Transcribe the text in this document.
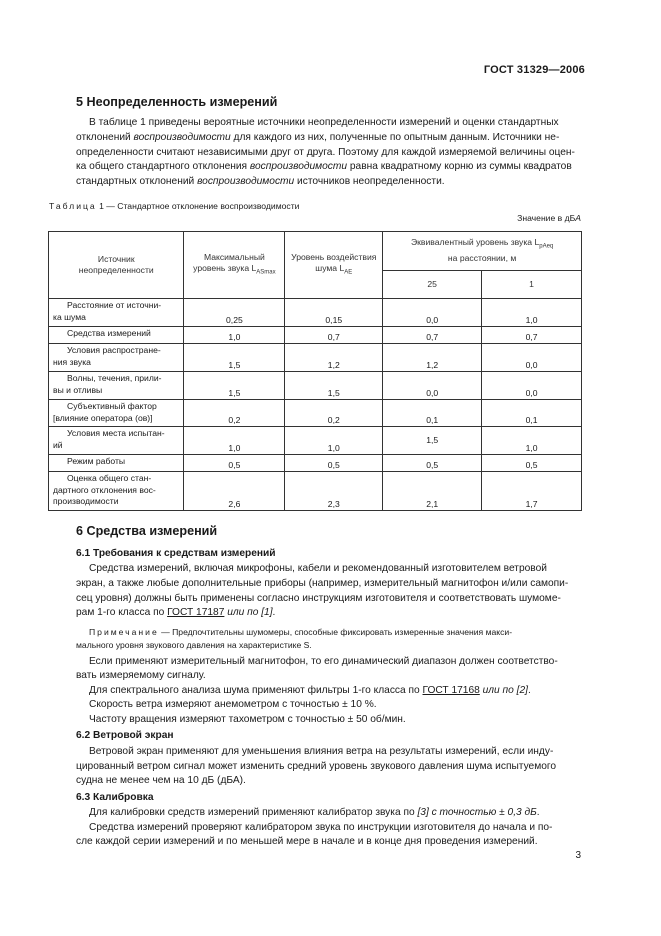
ГОСТ 31329—2006
5 Неопределенность измерений
В таблице 1 приведены вероятные источники неопределенности измерений и оценки стандартных
отклонений воспроизводимости для каждого из них, полученные по опытным данным. Источники не-
определенности считают независимыми друг от друга. Поэтому для каждой измеряемой величины оцен-
ка общего стандартного отклонения воспроизводимости равна квадратному корню из суммы квадратов
стандартных отклонений воспроизводимости источников неопределенности.
Таблица 1 — Стандартное отклонение воспроизводимости
Значение в дБА
Источник неопределенности	Максимальный уровень звука $L_{ASmax}$	Уровень воздействия шума $L_{AE}$	Эквивалентный уровень звука $L_{pAeq}$
на расстоянии, м	

			25	1
Расстояние от источни-
ка шума	0,25	0,15	0,0	1,0
Средства измерений	1,0	0,7	0,7	0,7
Условия распростране-
ния звука	1,5	1,2	1,2	0,0
Волны, течения, прили-
вы и отливы	1,5	1,5	0,0	0,0
Субъективный фактор
[влияние оператора (ов)]	0,2	0,2	0,1	0,1
Условия места испытан-
ий	1,0	1,0	1,5	1,0
Режим работы	0,5	0,5	0,5	0,5
Оценка общего стан-
дартного отклонения вос-
производимости	2,6	2,3	2,1	1,7
6 Средства измерений
6.1 Требования к средствам измерений
Средства измерений, включая микрофоны, кабели и рекомендованный изготовителем ветровой
экран, а также любые дополнительные приборы (например, измерительный магнитофон и/или самопи-
сец уровня) должны быть применены согласно инструкциям изготовителя и соответствовать шумоме-
рам 1-го класса по ГОСТ 17187 или по [1].
Примечание — Предпочтительны шумомеры, способные фиксировать измеренные значения макси-
мального уровня звукового давления на характеристике S.
Если применяют измерительный магнитофон, то его динамический диапазон должен соответство-
вать измеряемому сигналу.
Для спектрального анализа шума применяют фильтры 1-го класса по ГОСТ 17168 или по [2].
Скорость ветра измеряют анемометром с точностью ± 10 %.
Частоту вращения измеряют тахометром с точностью ± 50 об/мин.
6.2 Ветровой экран
Ветровой экран применяют для уменьшения влияния ветра на результаты измерений, если инду-
цированный ветром сигнал может изменить средний уровень звукового давления шума испытуемого
судна не менее чем на 10 дБ (дБА).
6.3 Калибровка
Для калибровки средств измерений применяют калибратор звука по [3] с точностью ± 0,3 дБ.
Средства измерений проверяют калибратором звука по инструкции изготовителя до начала и по-
сле каждой серии измерений и по меньшей мере в начале и в конце дня проведения измерений.
3
